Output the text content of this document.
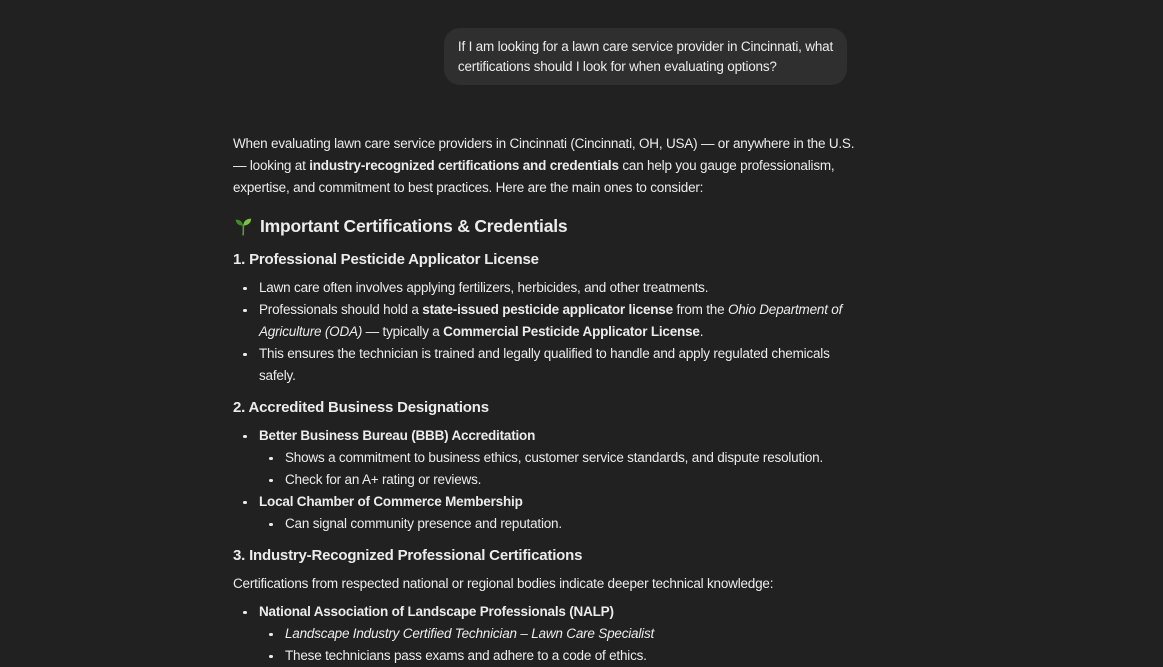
If I am looking for a lawn care service provider in Cincinnati, what
certifications should I look for when evaluating options?

When evaluating lawn care service providers in Cincinnati (Cincinnati, OH, USA) — or anywhere in the U.S.
— looking at industry-recognized certifications and credentials can help you gauge professionalism,
expertise, and commitment to best practices. Here are the main ones to consider:

Important Certifications & Credentials
1. Professional Pesticide Applicator License
Lawn care often involves applying fertilizers, herbicides, and other treatments.
Professionals should hold a state-issued pesticide applicator license from the Ohio Department of
Agriculture (ODA) — typically a Commercial Pesticide Applicator License.
This ensures the technician is trained and legally qualified to handle and apply regulated chemicals
safely.
2. Accredited Business Designations
Better Business Bureau (BBB) Accreditation
Shows a commitment to business ethics, customer service standards, and dispute resolution.
Check for an A+ rating or reviews.
Local Chamber of Commerce Membership
Can signal community presence and reputation.
3. Industry-Recognized Professional Certifications

Certifications from respected national or regional bodies indicate deeper technical knowledge:

National Association of Landscape Professionals (NALP)
Landscape Industry Certified Technician – Lawn Care Specialist
These technicians pass exams and adhere to a code of ethics.
